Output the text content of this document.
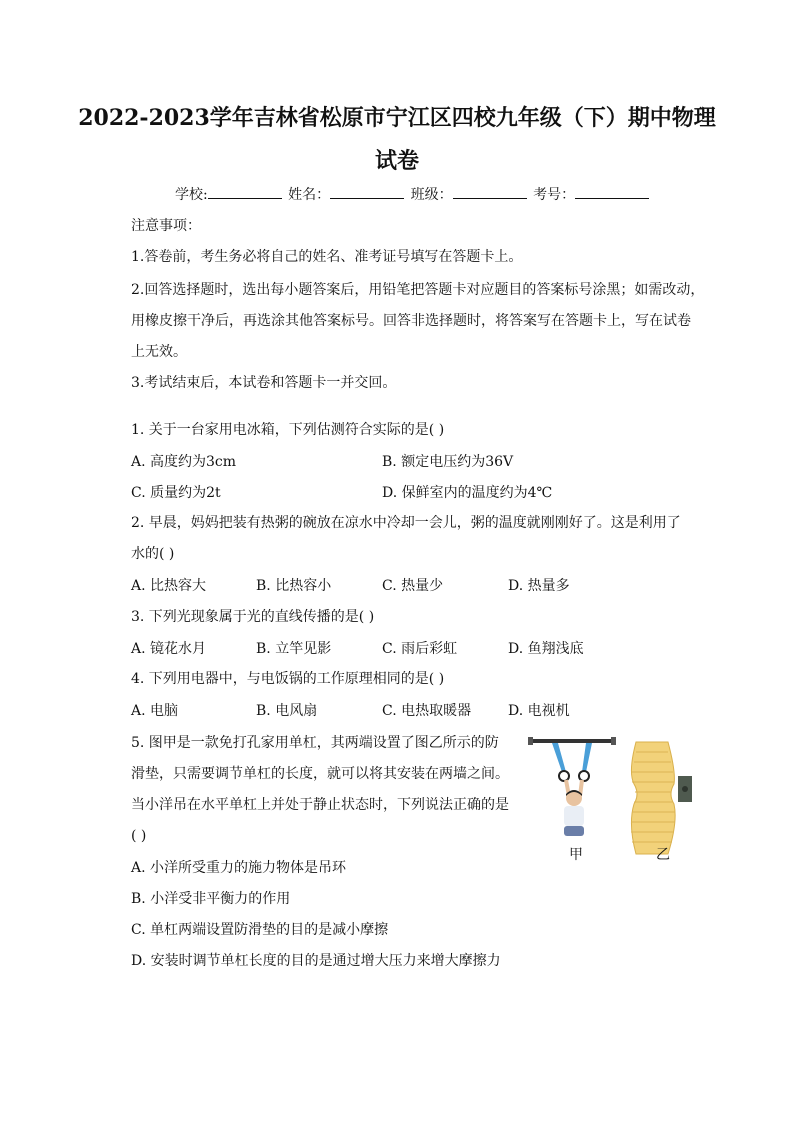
2022-2023学年吉林省松原市宁江区四校九年级（下）期中物理
试卷
学校:	姓名：	班级：	考号：
注意事项：
1.答卷前，考生务必将自己的姓名、准考证号填写在答题卡上。
2.回答选择题时，选出每小题答案后，用铅笔把答题卡对应题目的答案标号涂黑；如需改动，
用橡皮擦干净后，再选涂其他答案标号。回答非选择题时，将答案写在答题卡上，写在试卷
上无效。
3.考试结束后，本试卷和答题卡一并交回。
1. 关于一台家用电冰箱，下列估测符合实际的是( )
A. 高度约为3cm	B. 额定电压约为36V
C. 质量约为2t	D. 保鲜室内的温度约为4℃
2. 早晨，妈妈把装有热粥的碗放在凉水中冷却一会儿，粥的温度就刚刚好了。这是利用了
水的( )
A. 比热容大	B. 比热容小	C. 热量少	D. 热量多
3. 下列光现象属于光的直线传播的是( )
A. 镜花水月	B. 立竿见影	C. 雨后彩虹	D. 鱼翔浅底
4. 下列用电器中，与电饭锅的工作原理相同的是( )
A. 电脑	B. 电风扇	C. 电热取暖器	D. 电视机
5. 图甲是一款免打孔家用单杠，其两端设置了图乙所示的防
滑垫，只需要调节单杠的长度，就可以将其安装在两墙之间。
当小洋吊在水平单杠上并处于静止状态时，下列说法正确的是
( )
甲	乙
A. 小洋所受重力的施力物体是吊环
B. 小洋受非平衡力的作用
C. 单杠两端设置防滑垫的目的是减小摩擦
D. 安装时调节单杠长度的目的是通过增大压力来增大摩擦力
